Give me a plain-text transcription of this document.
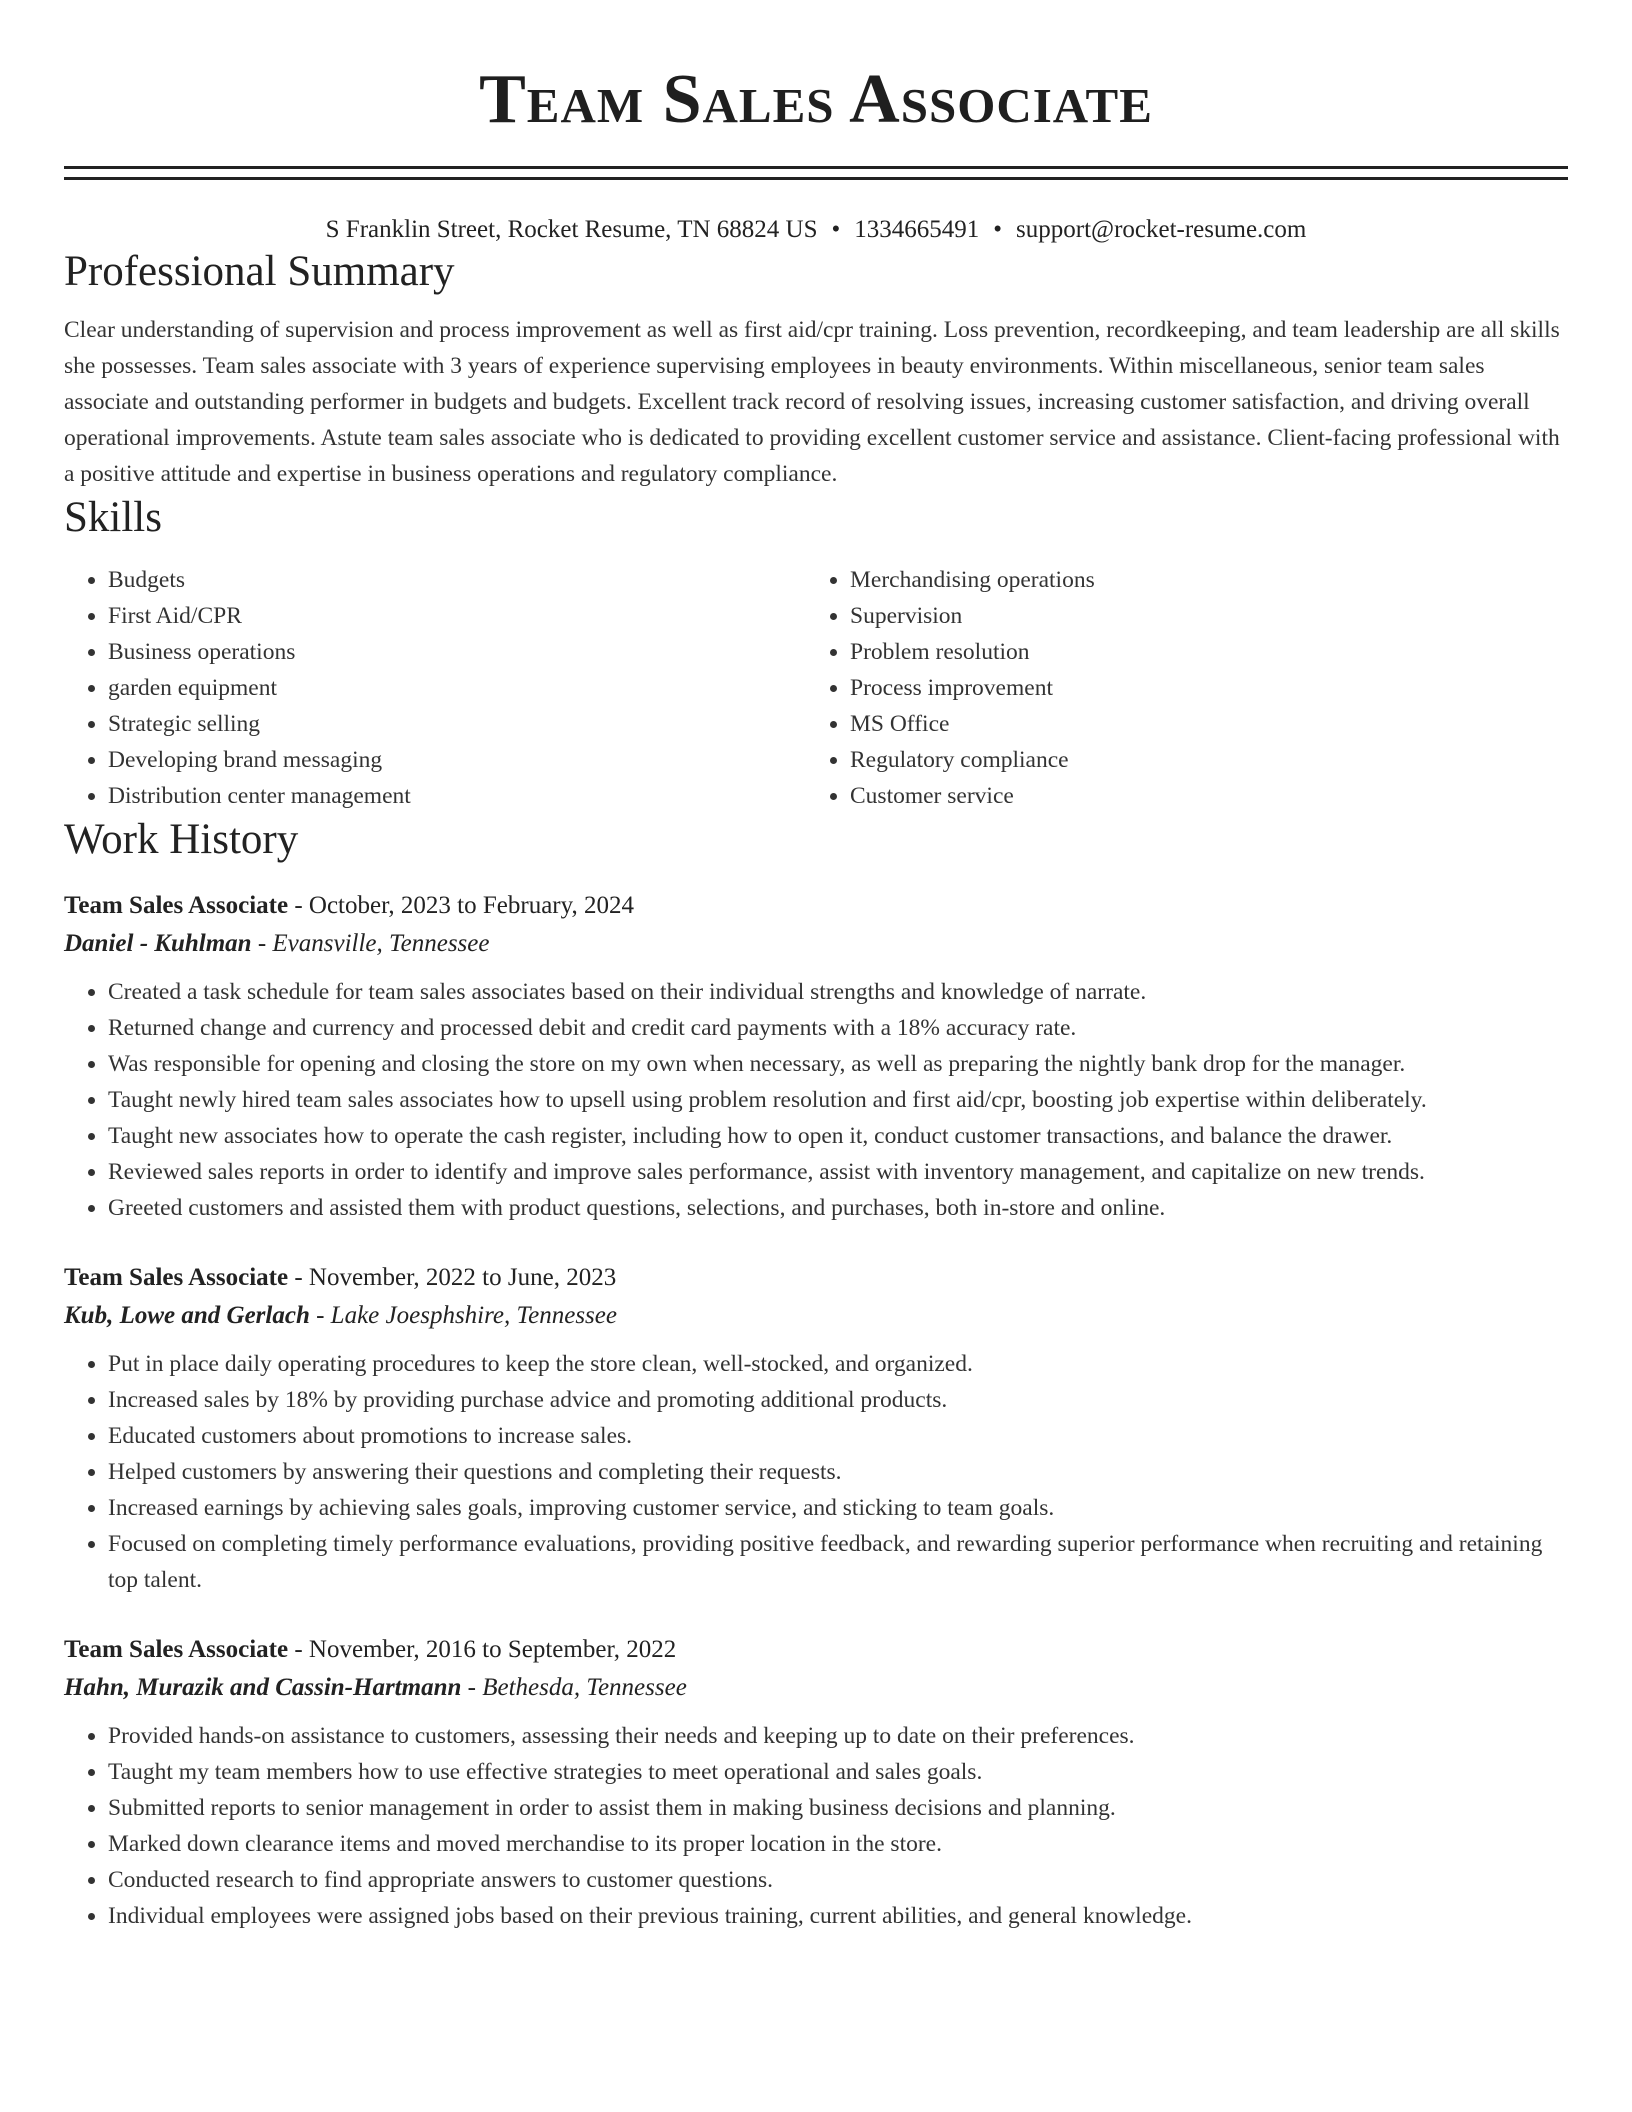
Team Sales Associate
S Franklin Street, Rocket Resume, TN 68824 US • 1334665491 • support@rocket-resume.com
Professional Summary

Clear understanding of supervision and process improvement as well as first aid/cpr training. Loss prevention, recordkeeping, and team leadership are all skills she possesses. Team sales associate with 3 years of experience supervising employees in beauty environments. Within miscellaneous, senior team sales associate and outstanding performer in budgets and budgets. Excellent track record of resolving issues, increasing customer satisfaction, and driving overall operational improvements. Astute team sales associate who is dedicated to providing excellent customer service and assistance. Client-facing professional with a positive attitude and expertise in business operations and regulatory compliance.

Skills
• Budgets
• First Aid/CPR
• Business operations
• garden equipment
• Strategic selling
• Developing brand messaging
• Distribution center management
• Merchandising operations
• Supervision
• Problem resolution
• Process improvement
• MS Office
• Regulatory compliance
• Customer service
Work History
Team Sales Associate - October, 2023 to February, 2024
Daniel - Kuhlman - Evansville, Tennessee
• Created a task schedule for team sales associates based on their individual strengths and knowledge of narrate.
• Returned change and currency and processed debit and credit card payments with a 18% accuracy rate.
• Was responsible for opening and closing the store on my own when necessary, as well as preparing the nightly bank drop for the manager.
• Taught newly hired team sales associates how to upsell using problem resolution and first aid/cpr, boosting job expertise within deliberately.
• Taught new associates how to operate the cash register, including how to open it, conduct customer transactions, and balance the drawer.
• Reviewed sales reports in order to identify and improve sales performance, assist with inventory management, and capitalize on new trends.
• Greeted customers and assisted them with product questions, selections, and purchases, both in-store and online.
Team Sales Associate - November, 2022 to June, 2023
Kub, Lowe and Gerlach - Lake Joesphshire, Tennessee
• Put in place daily operating procedures to keep the store clean, well-stocked, and organized.
• Increased sales by 18% by providing purchase advice and promoting additional products.
• Educated customers about promotions to increase sales.
• Helped customers by answering their questions and completing their requests.
• Increased earnings by achieving sales goals, improving customer service, and sticking to team goals.
• Focused on completing timely performance evaluations, providing positive feedback, and rewarding superior performance when recruiting and retaining top talent.
Team Sales Associate - November, 2016 to September, 2022
Hahn, Murazik and Cassin-Hartmann - Bethesda, Tennessee
• Provided hands-on assistance to customers, assessing their needs and keeping up to date on their preferences.
• Taught my team members how to use effective strategies to meet operational and sales goals.
• Submitted reports to senior management in order to assist them in making business decisions and planning.
• Marked down clearance items and moved merchandise to its proper location in the store.
• Conducted research to find appropriate answers to customer questions.
• Individual employees were assigned jobs based on their previous training, current abilities, and general knowledge.
